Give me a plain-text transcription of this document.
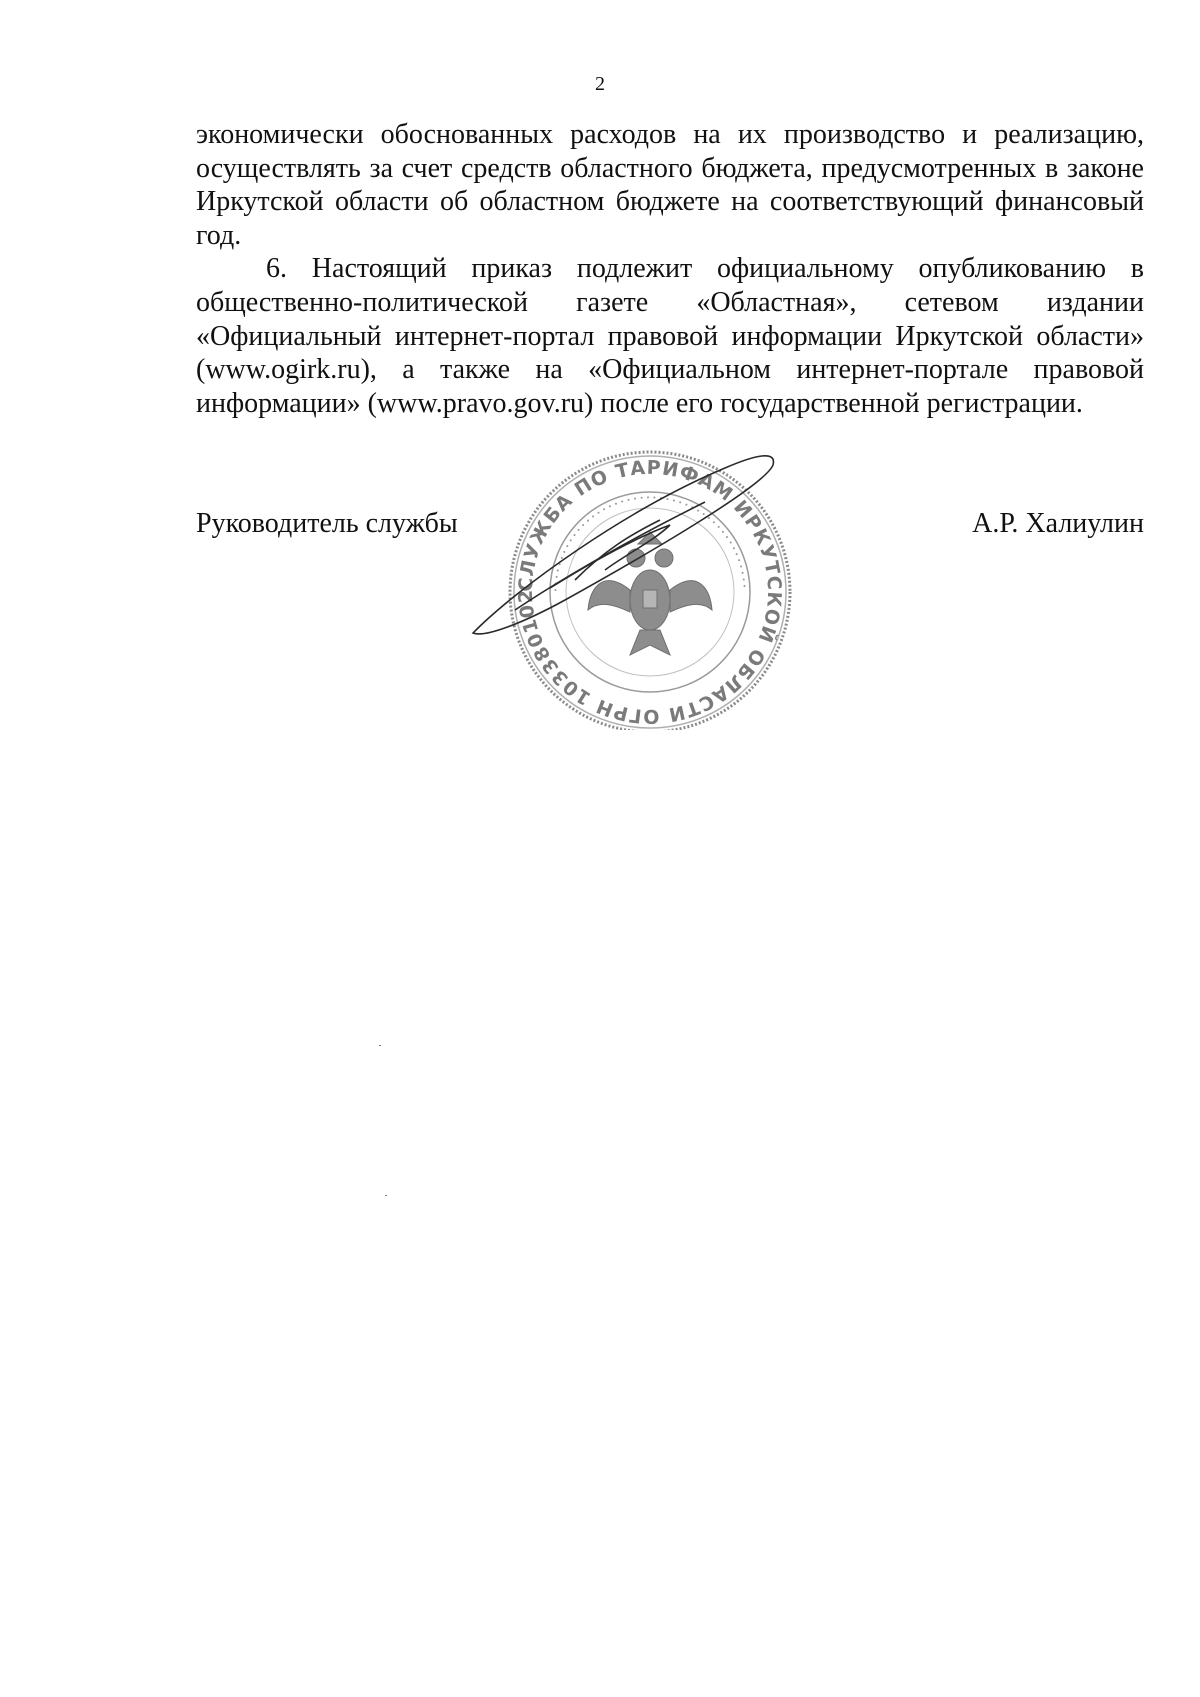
2

экономически обоснованных расходов на их производство и реализацию, осуществлять за счет средств областного бюджета, предусмотренных в законе Иркутской области об областном бюджете на соответствующий финансовый год.

6. Настоящий приказ подлежит официальному опубликованию в общественно-политической газете «Областная», сетевом издании «Официальный интернет-портал правовой информации Иркутской области» (www.ogirk.ru), а также на «Официальном интернет-портале правовой информации» (www.pravo.gov.ru) после его государственной регистрации.

Руководитель службы	А.Р. Халиулин
СЛУЖБА ПО ТАРИФАМ ИРКУТСКОЙ ОБЛАСТИ ОГРН 103380102	• • • • • • • • • • • • • • • • • • • • • • • • • • • • • • • • • • • • • • • • • • • • •
